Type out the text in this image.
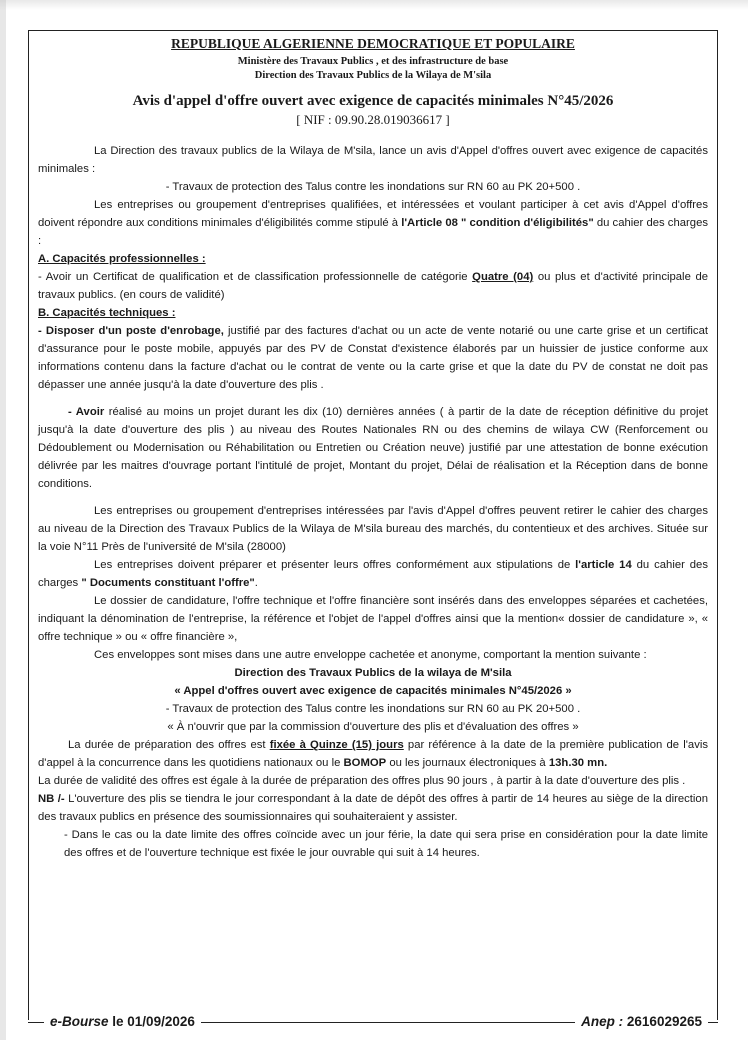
REPUBLIQUE ALGERIENNE DEMOCRATIQUE ET POPULAIRE
Ministère des Travaux Publics , et des infrastructure de base
Direction des Travaux Publics de la Wilaya de M'sila
Avis d'appel d'offre ouvert avec exigence de capacités minimales N°45/2026
[ NIF : 09.90.28.019036617 ]

La Direction des travaux publics de la Wilaya de M'sila, lance un avis d'Appel d'offres ouvert avec exigence de capacités minimales :

- Travaux de protection des Talus contre les inondations sur RN 60 au PK 20+500 .

Les entreprises ou groupement d'entreprises qualifiées, et intéressées et voulant participer à cet avis d'Appel d'offres doivent répondre aux conditions minimales d'éligibilités comme stipulé à l'Article 08 " condition d'éligibilités" du cahier des charges :

A. Capacités professionnelles :

- Avoir un Certificat de qualification et de classification professionnelle de catégorie Quatre (04) ou plus et d'activité principale de travaux publics. (en cours de validité)

B. Capacités techniques :

- Disposer d'un poste d'enrobage, justifié par des factures d'achat ou un acte de vente notarié ou une carte grise et un certificat d'assurance pour le poste mobile, appuyés par des PV de Constat d'existence élaborés par un huissier de justice conforme aux informations contenu dans la facture d'achat ou le contrat de vente ou la carte grise et que la date du PV de constat ne doit pas dépasser une année jusqu'à la date d'ouverture des plis .

- Avoir réalisé au moins un projet durant les dix (10) dernières années ( à partir de la date de réception définitive du projet jusqu'à la date d'ouverture des plis ) au niveau des Routes Nationales RN ou des chemins de wilaya CW (Renforcement ou Dédoublement ou Modernisation ou Réhabilitation ou Entretien ou Création neuve) justifié par une attestation de bonne exécution délivrée par les maitres d'ouvrage portant l'intitulé de projet, Montant du projet, Délai de réalisation et la Réception dans de bonne conditions.

Les entreprises ou groupement d'entreprises intéressées par l'avis d'Appel d'offres peuvent retirer le cahier des charges au niveau de la Direction des Travaux Publics de la Wilaya de M'sila bureau des marchés, du contentieux et des archives. Située sur la voie N°11 Près de l'université de M'sila (28000)

Les entreprises doivent préparer et présenter leurs offres conformément aux stipulations de l'article 14 du cahier des charges " Documents constituant l'offre".

Le dossier de candidature, l'offre technique et l'offre financière sont insérés dans des enveloppes séparées et cachetées, indiquant la dénomination de l'entreprise, la référence et l'objet de l'appel d'offres ainsi que la mention« dossier de candidature », « offre technique » ou « offre financière »,

Ces enveloppes sont mises dans une autre enveloppe cachetée et anonyme, comportant la mention suivante :

Direction des Travaux Publics de la wilaya de M'sila

« Appel d'offres ouvert avec exigence de capacités minimales N°45/2026 »

- Travaux de protection des Talus contre les inondations sur RN 60 au PK 20+500 .

« À n'ouvrir que par la commission d'ouverture des plis et d'évaluation des offres »

La durée de préparation des offres est fixée à Quinze (15) jours par référence à la date de la première publication de l'avis d'appel à la concurrence dans les quotidiens nationaux ou le BOMOP ou les journaux électroniques à 13h.30 mn.

La durée de validité des offres est égale à la durée de préparation des offres plus 90 jours , à partir à la date d'ouverture des plis .

NB /- L'ouverture des plis se tiendra le jour correspondant à la date de dépôt des offres à partir de 14 heures au siège de la direction des travaux publics en présence des soumissionnaires qui souhaiteraient y assister.

- Dans le cas ou la date limite des offres coïncide avec un jour férie, la date qui sera prise en considération pour la date limite des offres et de l'ouverture technique est fixée le jour ouvrable qui suit à 14 heures.

e-Bourse le 01/09/2026	Anep : 2616029265
